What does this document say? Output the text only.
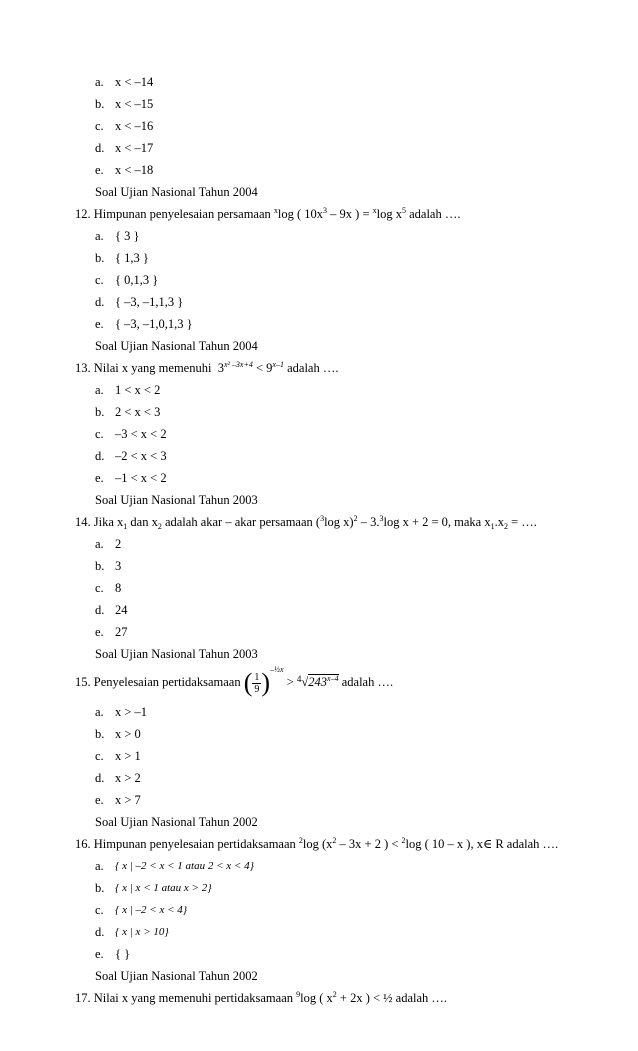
a. x < –14
b. x < –15
c. x < –16
d. x < –17
e. x < –18
Soal Ujian Nasional Tahun 2004
12. Himpunan penyelesaian persamaan $^x$log ( $10x^3 - 9x$ ) = $^x$log $x^5$ adalah ….
a. { 3 }
b. { 1,3 }
c. { 0,1,3 }
d. { –3, –1,1,3 }
e. { –3, –1,0,1,3 }
Soal Ujian Nasional Tahun 2004
13. Nilai x yang memenuhi  $3^{x^2 -3x+4} < 9^{x-1}$ adalah ….
a. 1 < x < 2
b. 2 < x < 3
c. –3 < x < 2
d. –2 < x < 3
e. –1 < x < 2
Soal Ujian Nasional Tahun 2003
14. Jika $x_1$ dan $x_2$ adalah akar – akar persamaan ($^3$log x)$^2$ – 3.$^3$log x + 2 = 0, maka $x_1.x_2$ = ….
a. 2
b. 3
c. 8
d. 24
e. 27
Soal Ujian Nasional Tahun 2003
15. Penyelesaian pertidaksamaan ( $\frac{1}{9} )^{-\frac{1}{2}x} > ^4√243^{x-4}$ adalah ….
a. x > –1
b. x > 0
c. x > 1
d. x > 2
e. x > 7
Soal Ujian Nasional Tahun 2002
16. Himpunan penyelesaian pertidaksamaan $^2$log ($x^2 - 3x + 2$ ) < $^2$log ( 10 – x ), x∈ R adalah ….
a. { x | –2 < x < 1 atau 2 < x < 4}
b. { x | x < 1 atau x > 2}
c. { x | –2 < x < 4}
d. { x | x > 10}
e. { }
Soal Ujian Nasional Tahun 2002
17. Nilai x yang memenuhi pertidaksamaan $^9$log ( $x^2 + 2x$ ) < ½ adalah ….
